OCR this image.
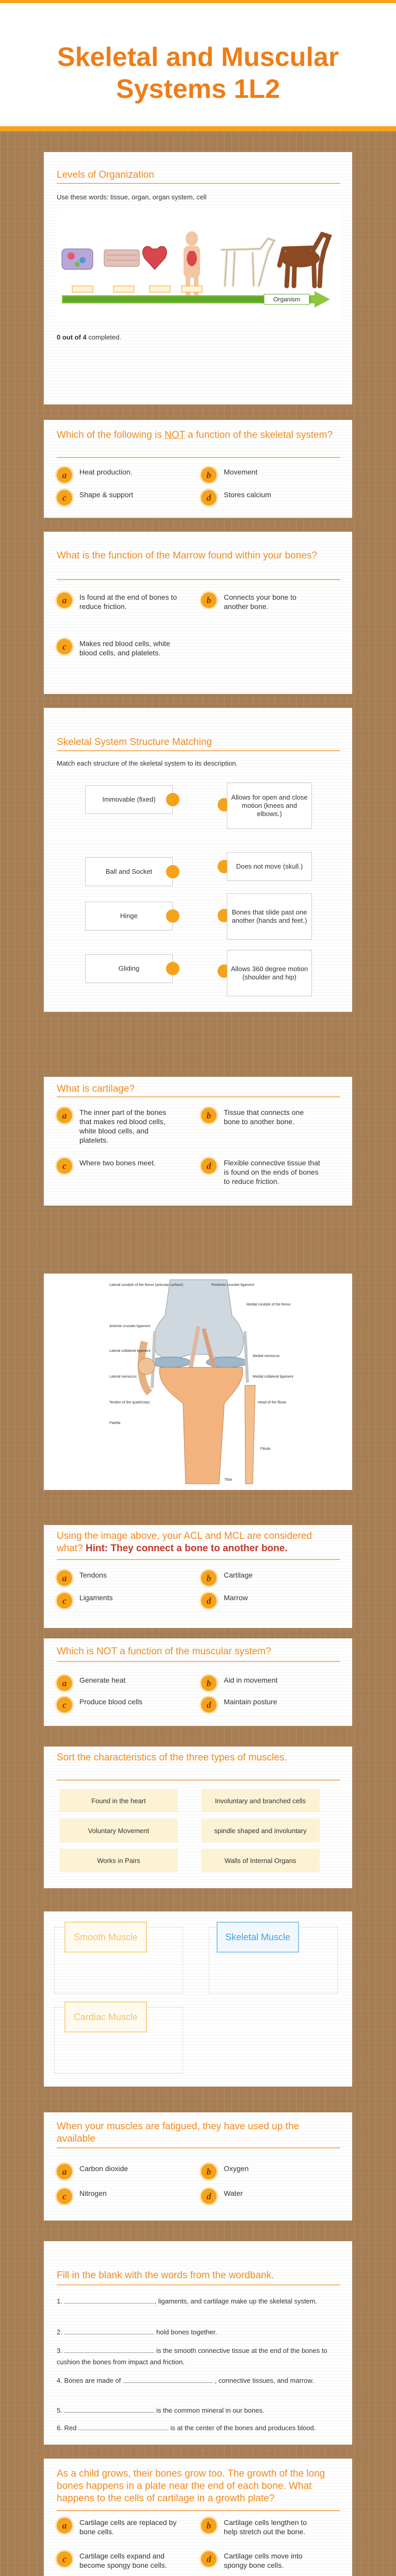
Skeletal and Muscular
Systems 1L2
Levels of Organization
Use these words: tissue, organ, organ system, cell
Organism
0 out of 4 completed.
Which of the following is NOT a function of the skeletal system?
a	Heat production.	b	Movement
c	Shape & support	d	Stores calcium
What is the function of the Marrow found within your bones?
a	Is found at the end of bones to reduce friction.
b	Connects your bone to another bone.
c	Makes red blood cells, white blood cells, and platelets.
Skeletal System Structure Matching
Match each structure of the skeletal system to its description.
Immovable (fixed)
Ball and Socket
Hinge
Gliding
Allows for open and close motion (knees and elbows.)
Does not move (skull.)
Bones that slide past one another (hands and feet.)
Allows 360 degree motion (shoulder and hip)
What is cartilage?
a	The inner part of the bones that makes red blood cells, white blood cells, and platelets.
b	Tissue that connects one bone to another bone.
c	Where two bones meet.	d	Flexible connective tissue that is found on the ends of bones to reduce friction.
Lateral condyle of the femur (articular surface)	Posterior cruciate ligament
Medial condyle of the femur
Anterior cruciate ligament
Lateral collateral ligament
Lateral meniscus
Medial meniscus
Medial collateral ligament
Tendon of the quadriceps
Patella
Fibula
Head of the fibula
Tibia
Using the image above, your ACL and MCL are considered what? Hint: They connect a bone to another bone.
a	Tendons	b	Cartilage
c	Ligaments	d	Marrow
Which is NOT a function of the muscular system?
a	Generate heat	b	Aid in movement
c	Produce blood cells	d	Maintain posture
Sort the characteristics of the three types of muscles.
Found in the heart	Involuntary and branched cells
Voluntary Movement	spindle shaped and involuntary
Works in Pairs	Walls of Internal Organs
Smooth Muscle	Skeletal Muscle
Cardiac Muscle
When your muscles are fatigued, they have used up the available
a	Carbon dioxide	b	Oxygen
c	Nitrogen	d	Water
Fill in the blank with the words from the wordbank.
1.	, ligaments, and cartilage make up the skeletal system.
2.	hold bones together.
3.	is the smooth connective tissue at the end of the bones to cushion the bones from impact and friction.
4. Bones are made of	, connective tissues, and marrow.
5.	is the common mineral in our bones.
6. Red	is at the center of the bones and produces blood.
As a child grows, their bones grow too. The growth of the long bones happens in a plate near the end of each bone. What happens to the cells of cartilage in a growth plate?
a	Cartilage cells are replaced by bone cells.
b	Cartilage cells lengthen to help stretch out the bone.
c	Cartilage cells expand and become spongy bone cells.
d	Cartilage cells move into spongy bone cells.
